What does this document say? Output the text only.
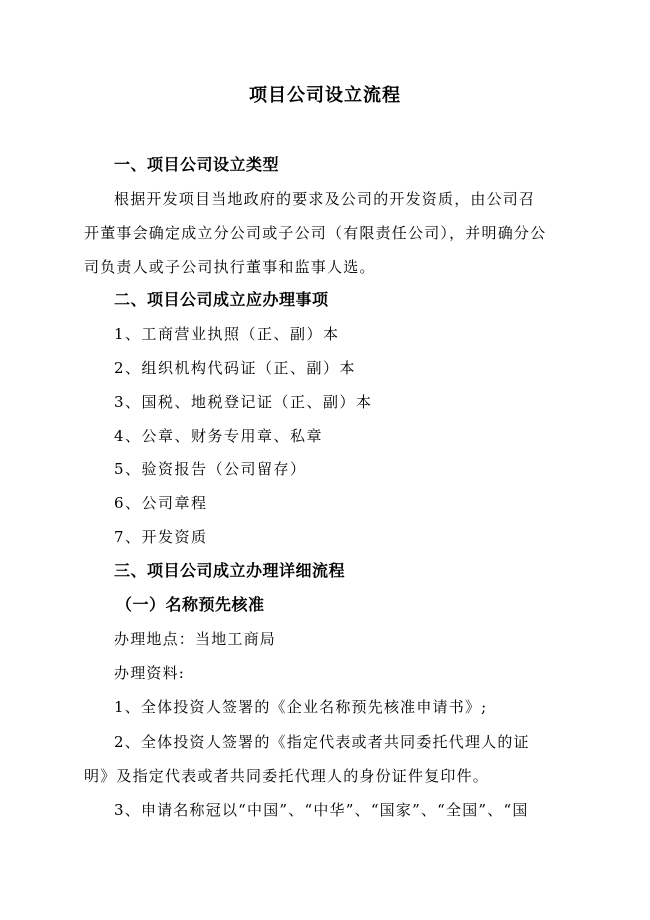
项目公司设立流程
一、项目公司设立类型
根据开发项目当地政府的要求及公司的开发资质，由公司召
开董事会确定成立分公司或子公司（有限责任公司），并明确分公
司负责人或子公司执行董事和监事人选。
二、项目公司成立应办理事项
1、工商营业执照（正、副）本
2、组织机构代码证（正、副）本
3、国税、地税登记证（正、副）本
4、公章、财务专用章、私章
5、验资报告（公司留存）
6、公司章程
7、开发资质
三、项目公司成立办理详细流程
（一）名称预先核准
办理地点：当地工商局
办理资料:
1、全体投资人签署的《企业名称预先核准申请书》;
2、全体投资人签署的《指定代表或者共同委托代理人的证
明》及指定代表或者共同委托代理人的身份证件复印件。
3、申请名称冠以“中国”、“中华”、“国家”、“全国”、“国
